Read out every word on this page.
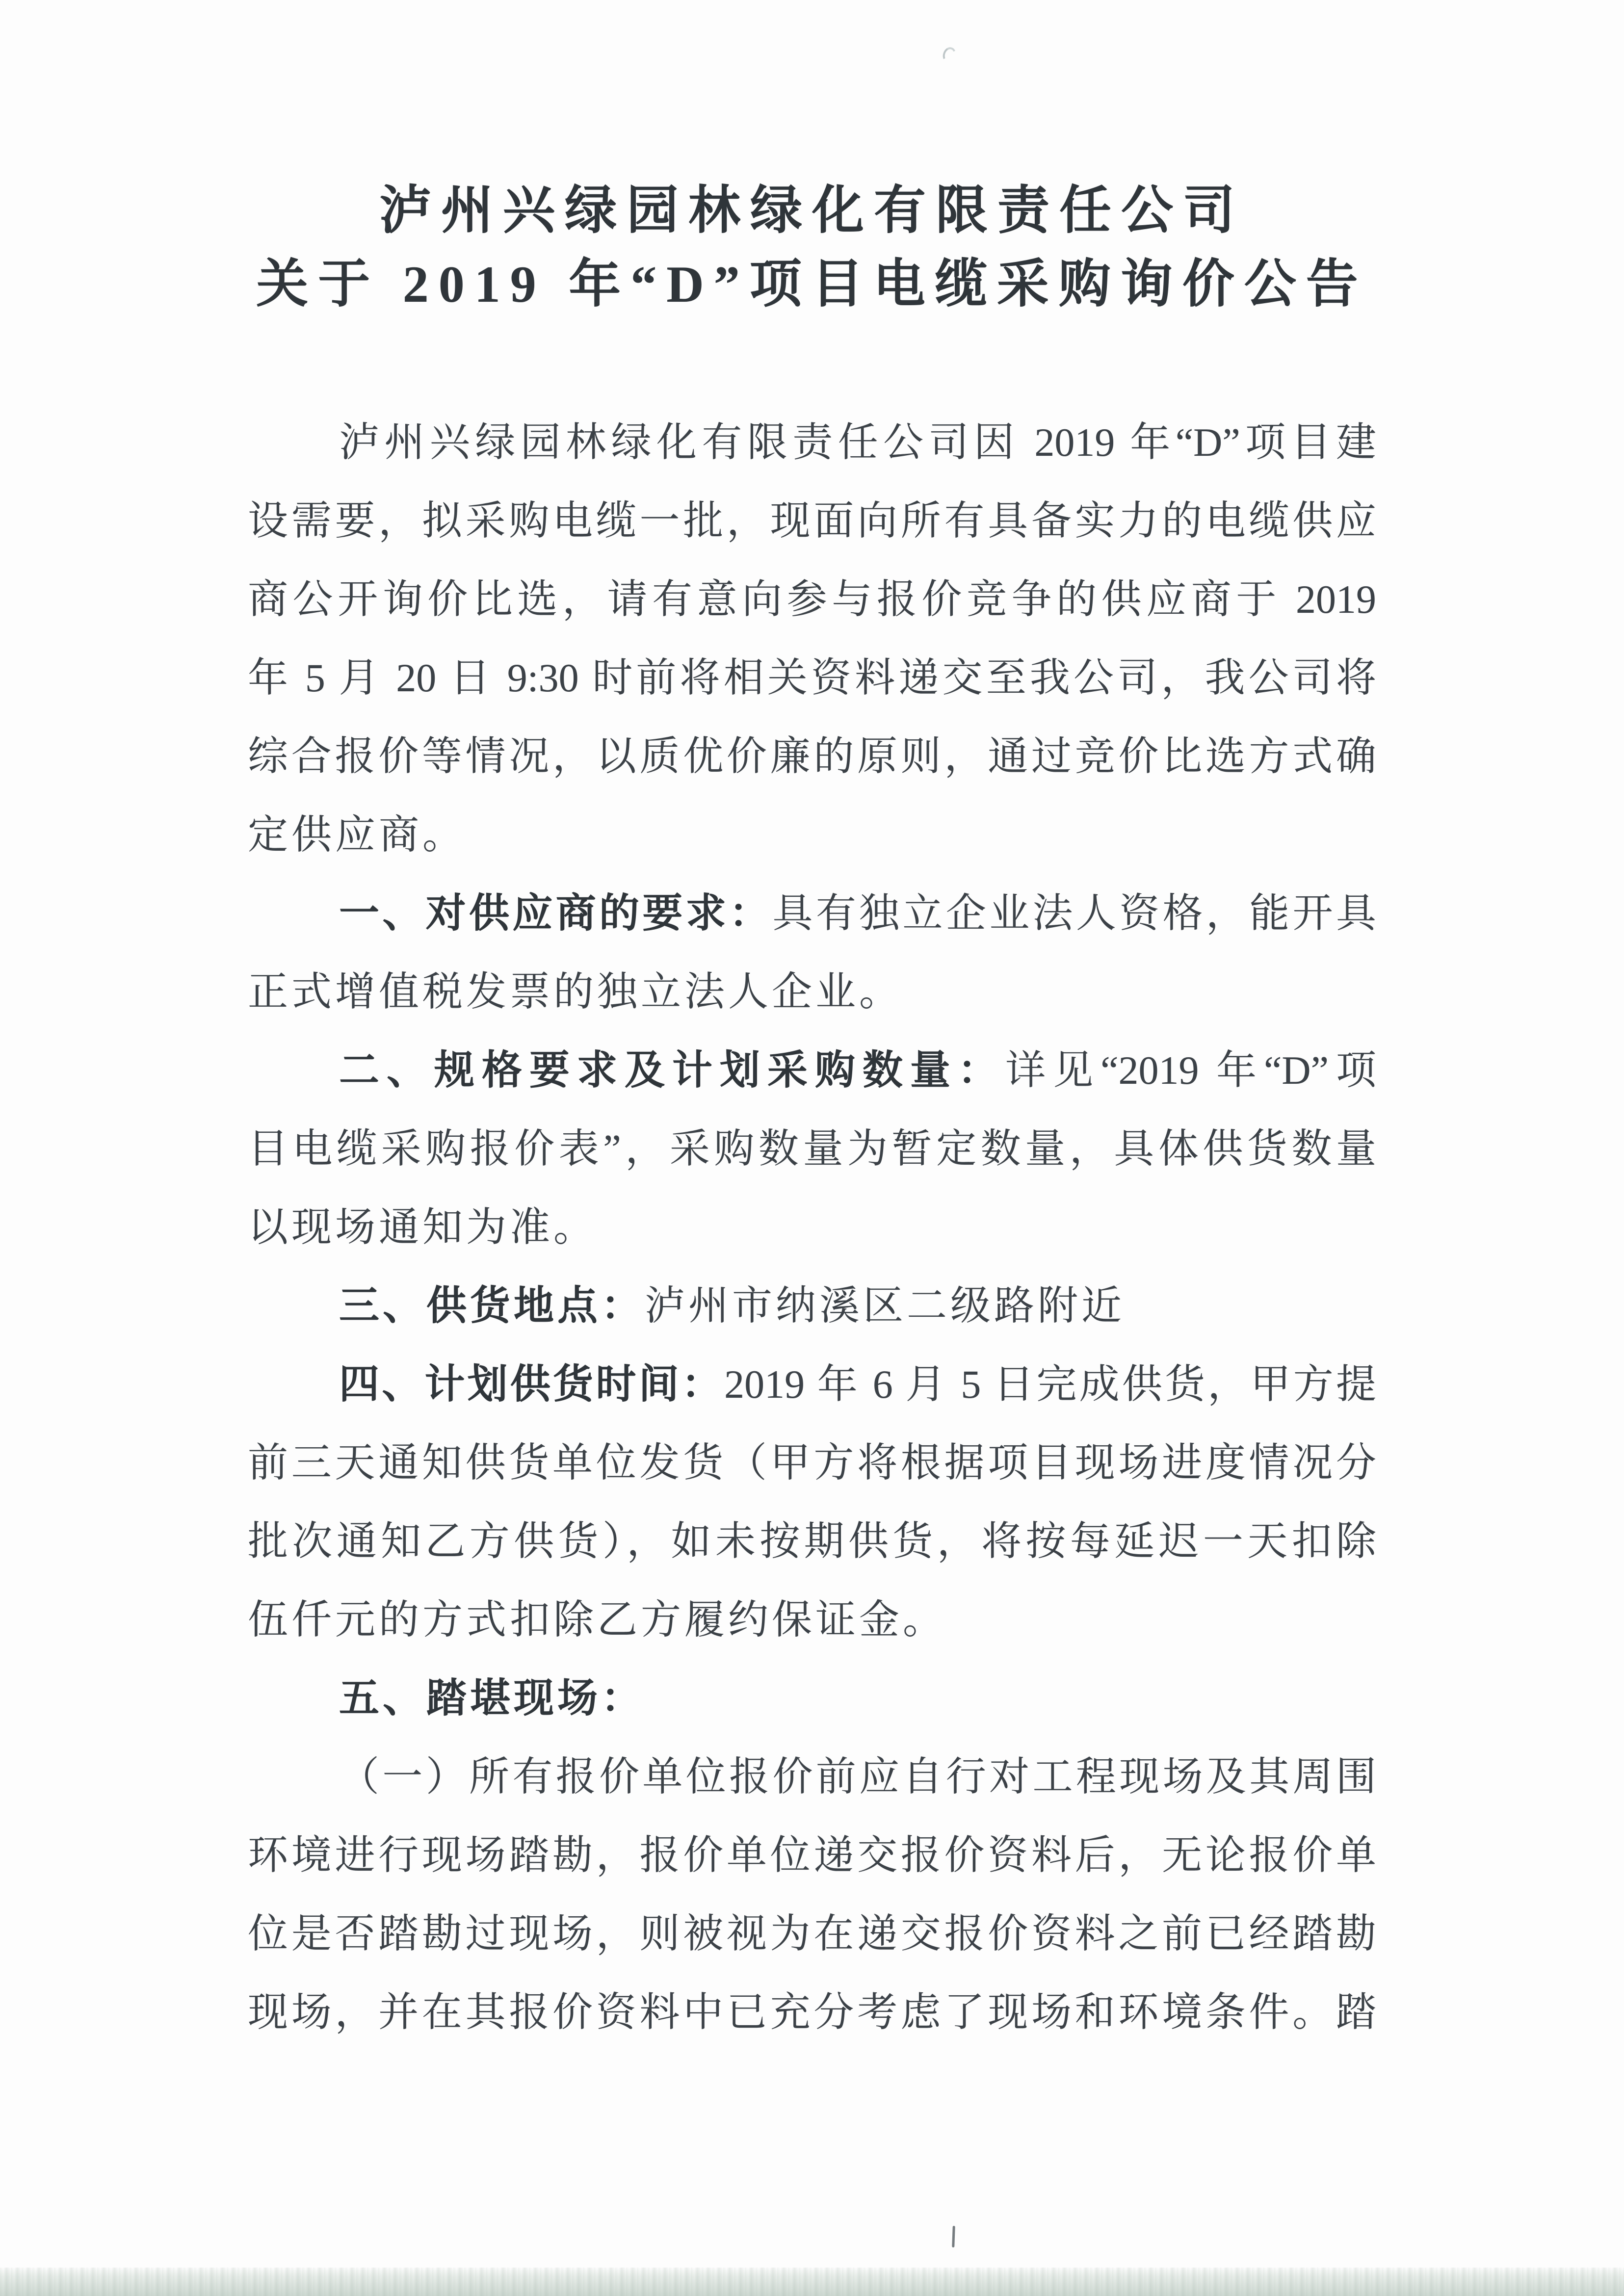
泸州兴绿园林绿化有限责任公司
关于 2019 年“D”项目电缆采购询价公告
泸州兴绿园林绿化有限责任公司因 2019 年“D”项目建
设需要，拟采购电缆一批，现面向所有具备实力的电缆供应
商公开询价比选，请有意向参与报价竞争的供应商于 2019
年 5 月 20 日 9:30 时前将相关资料递交至我公司，我公司将
综合报价等情况，以质优价廉的原则，通过竞价比选方式确
定供应商。
一、对供应商的要求：具有独立企业法人资格，能开具
正式增值税发票的独立法人企业。
二、规格要求及计划采购数量：详见“2019 年“D”项
目电缆采购报价表”，采购数量为暂定数量，具体供货数量
以现场通知为准。
三、供货地点：泸州市纳溪区二级路附近
四、计划供货时间：2019 年 6 月 5 日完成供货，甲方提
前三天通知供货单位发货（甲方将根据项目现场进度情况分
批次通知乙方供货），如未按期供货，将按每延迟一天扣除
伍仟元的方式扣除乙方履约保证金。
五、踏堪现场：
（一）所有报价单位报价前应自行对工程现场及其周围
环境进行现场踏勘，报价单位递交报价资料后，无论报价单
位是否踏勘过现场，则被视为在递交报价资料之前已经踏勘
现场，并在其报价资料中已充分考虑了现场和环境条件。踏
